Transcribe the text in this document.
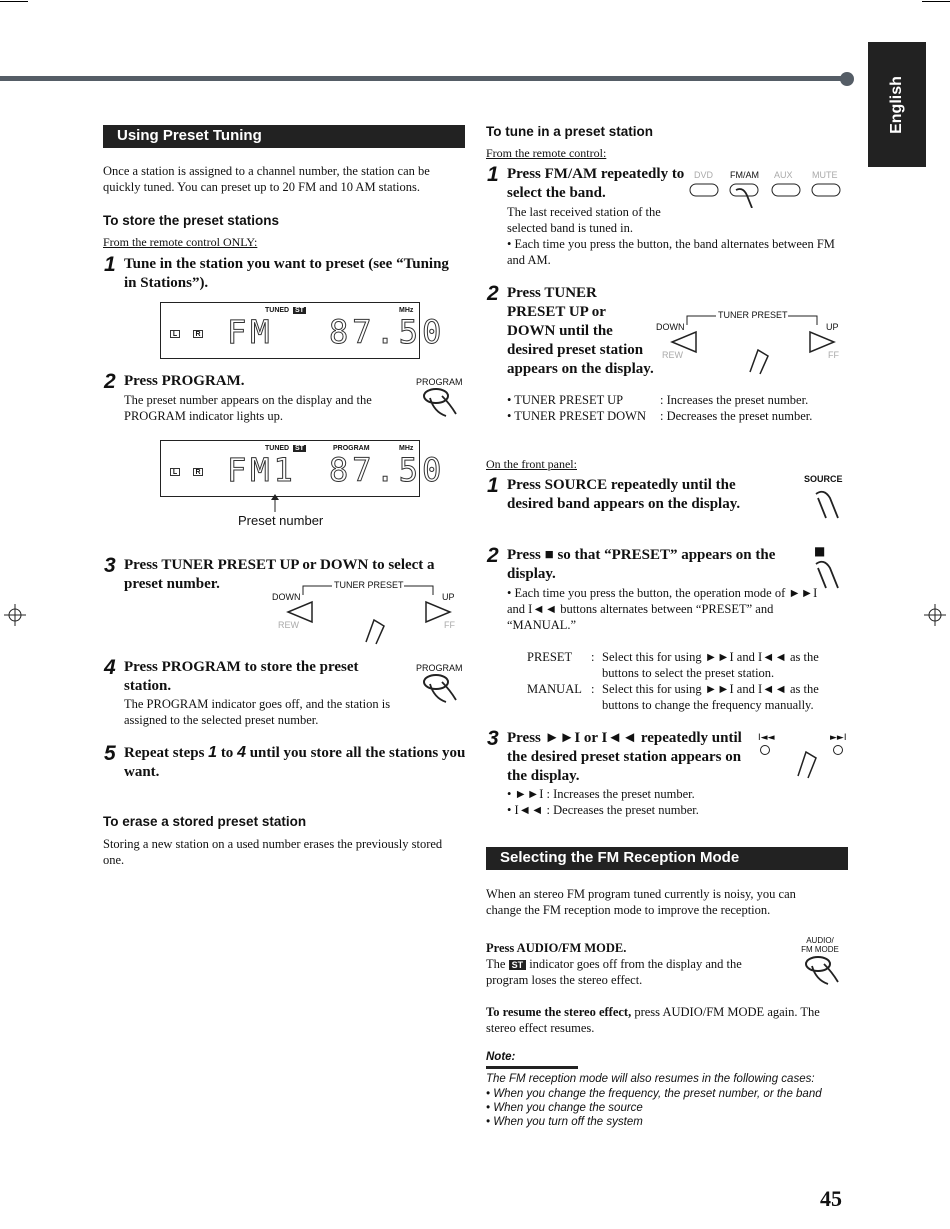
English
Using Preset Tuning
Once a station is assigned to a channel number, the station can be quickly tuned. You can preset up to 20 FM and 10 AM stations.
To store the preset stations
From the remote control ONLY:
1 Tune in the station you want to preset (see “Tuning in Stations”).
TUNED ST	MHz
L	R FM 87.50
2 Press PROGRAM.
The preset number appears on the display and the PROGRAM indicator lights up.
PROGRAM
TUNED ST	PROGRAM	MHz
L	R FM1 87.50
Preset number
3 Press TUNER PRESET UP or DOWN to select a preset number.	TUNER PRESET
DOWN	UP
REW	FF
4 Press PROGRAM to store the preset station.
The PROGRAM indicator goes off, and the station is assigned to the selected preset number.
PROGRAM
5 Repeat steps 1 to 4 until you store all the stations you want.
To erase a stored preset station
Storing a new station on a used number erases the previously stored one.
To tune in a preset station
From the remote control:
1 Press FM/AM repeatedly to select the band.
The last received station of the selected band is tuned in.
• Each time you press the button, the band alternates between FM and AM.
DVD FM/AM AUX MUTE
2 Press TUNER PRESET UP or DOWN until the desired preset station appears on the display.
TUNER PRESET
DOWN	UP
REW	FF
• TUNER PRESET UP	: Increases the preset number.
• TUNER PRESET DOWN : Decreases the preset number.
On the front panel:
1 Press SOURCE repeatedly until the desired band appears on the display.
SOURCE
2 Press ■ so that “PRESET” appears on the display.
■
• Each time you press the button, the operation mode of ►►I and I◄◄ buttons alternates between “PRESET” and “MANUAL.”
PRESET : Select this for using ►►I and I◄◄ as the buttons to select the preset station.
MANUAL : Select this for using ►►I and I◄◄ as the buttons to change the frequency manually.
3 Press ►►I or I◄◄ repeatedly until the desired preset station appears on the display.
• ►►I : Increases the preset number.
• I◄◄ : Decreases the preset number.
I◄◄	►►I
Selecting the FM Reception Mode
When an stereo FM program tuned currently is noisy, you can change the FM reception mode to improve the reception.
Press AUDIO/FM MODE.
The ST indicator goes off from the display and the program loses the stereo effect.
AUDIO/ FM MODE
To resume the stereo effect, press AUDIO/FM MODE again. The stereo effect resumes.
Note:
The FM reception mode will also resumes in the following cases:
• When you change the frequency, the preset number, or the band
• When you change the source
• When you turn off the system
45
